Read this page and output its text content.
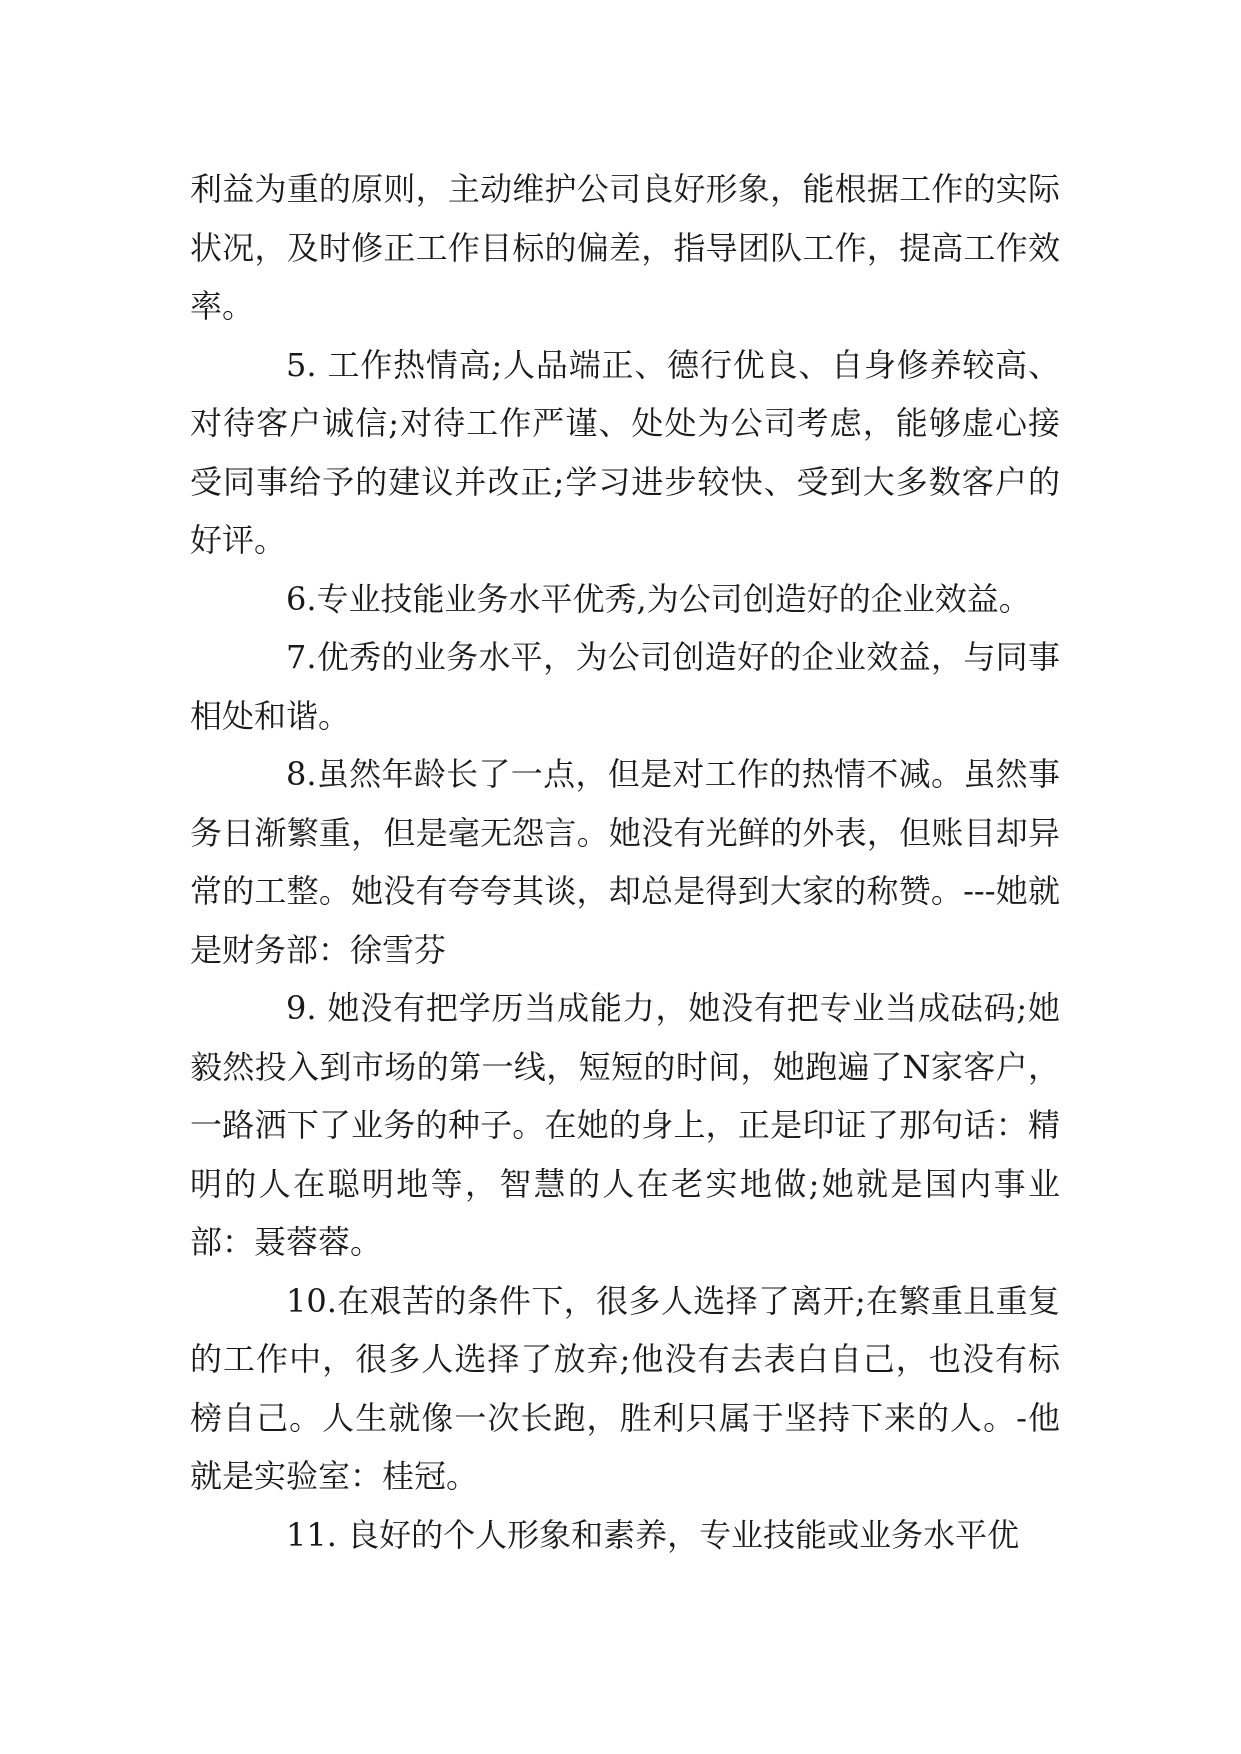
利益为重的原则，主动维护公司良好形象，能根据工作的实际状况，及时修正工作目标的偏差，指导团队工作，提高工作效率。

5. 工作热情高;人品端正、德行优良、自身修养较高、对待客户诚信;对待工作严谨、处处为公司考虑，能够虚心接受同事给予的建议并改正;学习进步较快、受到大多数客户的好评。

6.专业技能业务水平优秀,为公司创造好的企业效益。

7.优秀的业务水平，为公司创造好的企业效益，与同事相处和谐。

8.虽然年龄长了一点，但是对工作的热情不减。虽然事务日渐繁重，但是毫无怨言。她没有光鲜的外表，但账目却异常的工整。她没有夸夸其谈，却总是得到大家的称赞。---她就是财务部：徐雪芬

9. 她没有把学历当成能力，她没有把专业当成砝码;她毅然投入到市场的第一线，短短的时间，她跑遍了N家客户，一路洒下了业务的种子。在她的身上，正是印证了那句话：精明的人在聪明地等，智慧的人在老实地做;她就是国内事业部：聂蓉蓉。

10.在艰苦的条件下，很多人选择了离开;在繁重且重复的工作中，很多人选择了放弃;他没有去表白自己，也没有标榜自己。人生就像一次长跑，胜利只属于坚持下来的人。-他就是实验室：桂冠。

11. 良好的个人形象和素养，专业技能或业务水平优
